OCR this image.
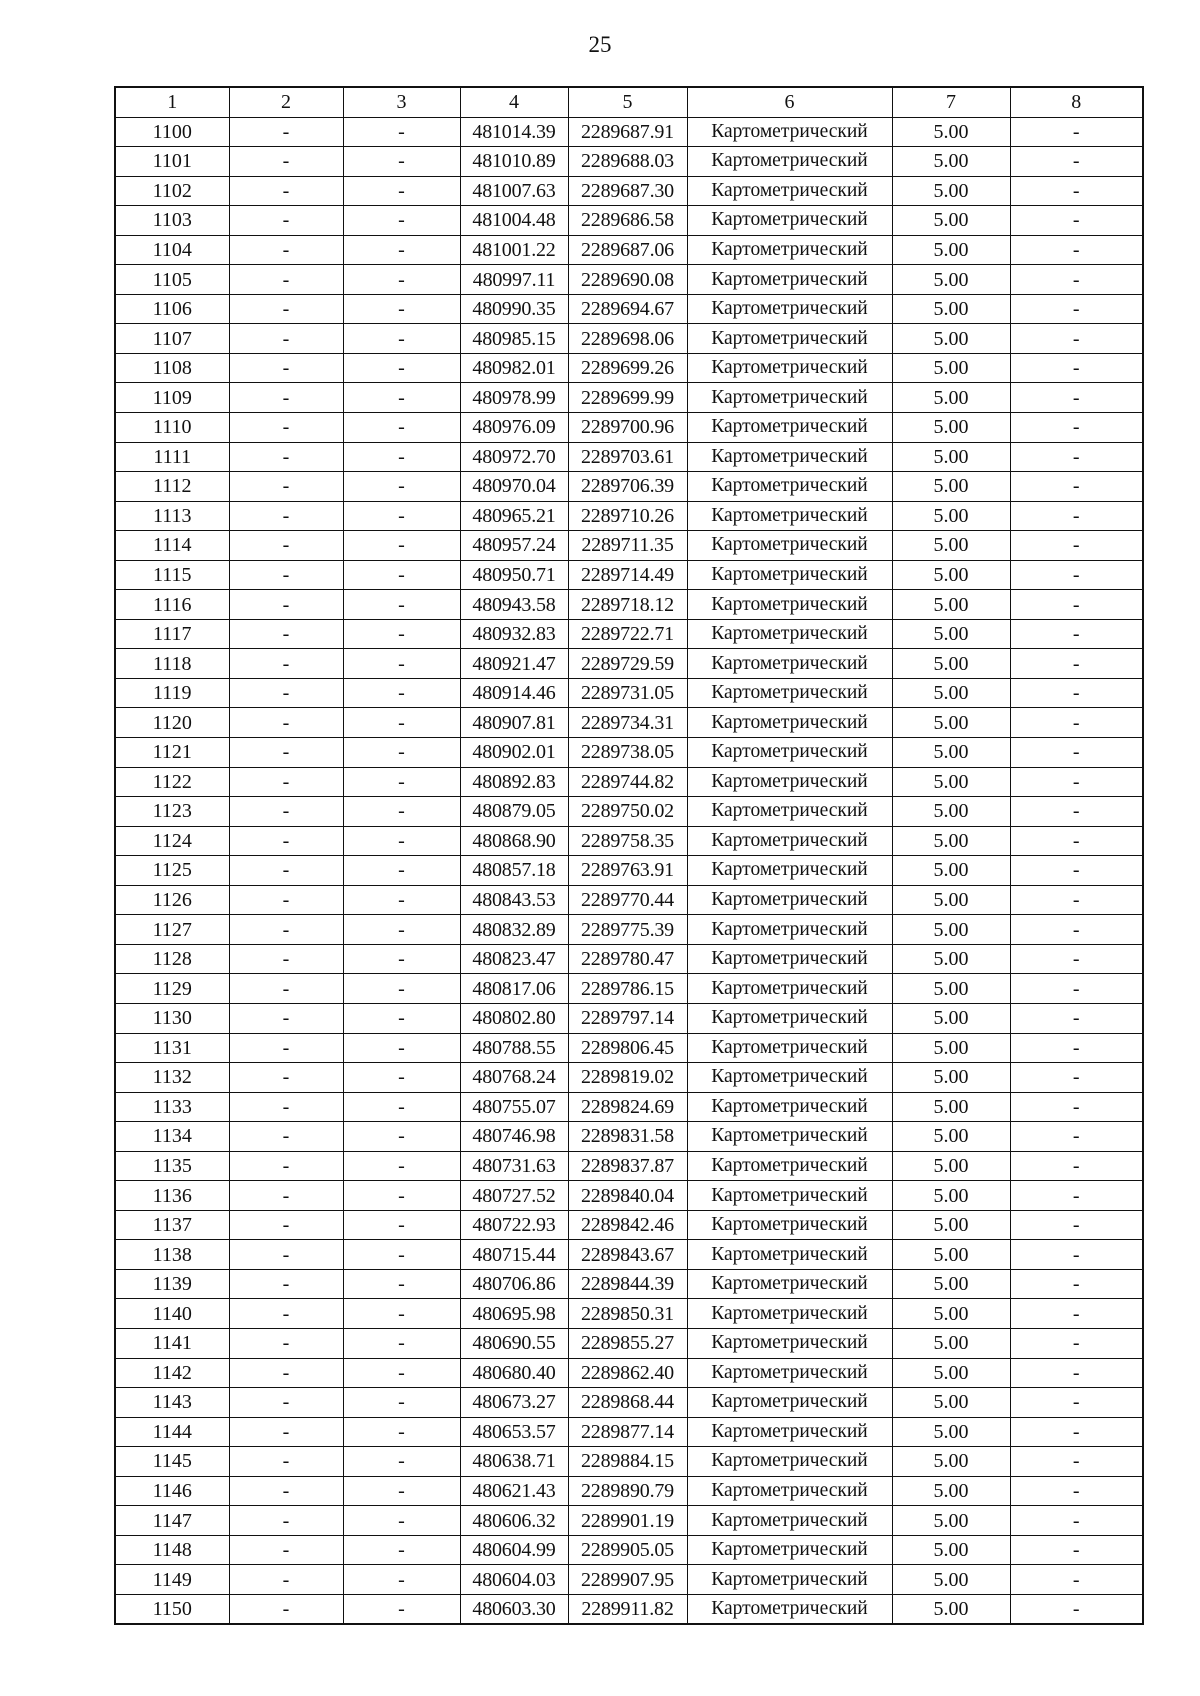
25
1	2	3	4	5	6	7	8
1100	-	-	481014.39	2289687.91	Картометрический	5.00	-
1101	-	-	481010.89	2289688.03	Картометрический	5.00	-
1102	-	-	481007.63	2289687.30	Картометрический	5.00	-
1103	-	-	481004.48	2289686.58	Картометрический	5.00	-
1104	-	-	481001.22	2289687.06	Картометрический	5.00	-
1105	-	-	480997.11	2289690.08	Картометрический	5.00	-
1106	-	-	480990.35	2289694.67	Картометрический	5.00	-
1107	-	-	480985.15	2289698.06	Картометрический	5.00	-
1108	-	-	480982.01	2289699.26	Картометрический	5.00	-
1109	-	-	480978.99	2289699.99	Картометрический	5.00	-
1110	-	-	480976.09	2289700.96	Картометрический	5.00	-
1111	-	-	480972.70	2289703.61	Картометрический	5.00	-
1112	-	-	480970.04	2289706.39	Картометрический	5.00	-
1113	-	-	480965.21	2289710.26	Картометрический	5.00	-
1114	-	-	480957.24	2289711.35	Картометрический	5.00	-
1115	-	-	480950.71	2289714.49	Картометрический	5.00	-
1116	-	-	480943.58	2289718.12	Картометрический	5.00	-
1117	-	-	480932.83	2289722.71	Картометрический	5.00	-
1118	-	-	480921.47	2289729.59	Картометрический	5.00	-
1119	-	-	480914.46	2289731.05	Картометрический	5.00	-
1120	-	-	480907.81	2289734.31	Картометрический	5.00	-
1121	-	-	480902.01	2289738.05	Картометрический	5.00	-
1122	-	-	480892.83	2289744.82	Картометрический	5.00	-
1123	-	-	480879.05	2289750.02	Картометрический	5.00	-
1124	-	-	480868.90	2289758.35	Картометрический	5.00	-
1125	-	-	480857.18	2289763.91	Картометрический	5.00	-
1126	-	-	480843.53	2289770.44	Картометрический	5.00	-
1127	-	-	480832.89	2289775.39	Картометрический	5.00	-
1128	-	-	480823.47	2289780.47	Картометрический	5.00	-
1129	-	-	480817.06	2289786.15	Картометрический	5.00	-
1130	-	-	480802.80	2289797.14	Картометрический	5.00	-
1131	-	-	480788.55	2289806.45	Картометрический	5.00	-
1132	-	-	480768.24	2289819.02	Картометрический	5.00	-
1133	-	-	480755.07	2289824.69	Картометрический	5.00	-
1134	-	-	480746.98	2289831.58	Картометрический	5.00	-
1135	-	-	480731.63	2289837.87	Картометрический	5.00	-
1136	-	-	480727.52	2289840.04	Картометрический	5.00	-
1137	-	-	480722.93	2289842.46	Картометрический	5.00	-
1138	-	-	480715.44	2289843.67	Картометрический	5.00	-
1139	-	-	480706.86	2289844.39	Картометрический	5.00	-
1140	-	-	480695.98	2289850.31	Картометрический	5.00	-
1141	-	-	480690.55	2289855.27	Картометрический	5.00	-
1142	-	-	480680.40	2289862.40	Картометрический	5.00	-
1143	-	-	480673.27	2289868.44	Картометрический	5.00	-
1144	-	-	480653.57	2289877.14	Картометрический	5.00	-
1145	-	-	480638.71	2289884.15	Картометрический	5.00	-
1146	-	-	480621.43	2289890.79	Картометрический	5.00	-
1147	-	-	480606.32	2289901.19	Картометрический	5.00	-
1148	-	-	480604.99	2289905.05	Картометрический	5.00	-
1149	-	-	480604.03	2289907.95	Картометрический	5.00	-
1150	-	-	480603.30	2289911.82	Картометрический	5.00	-
